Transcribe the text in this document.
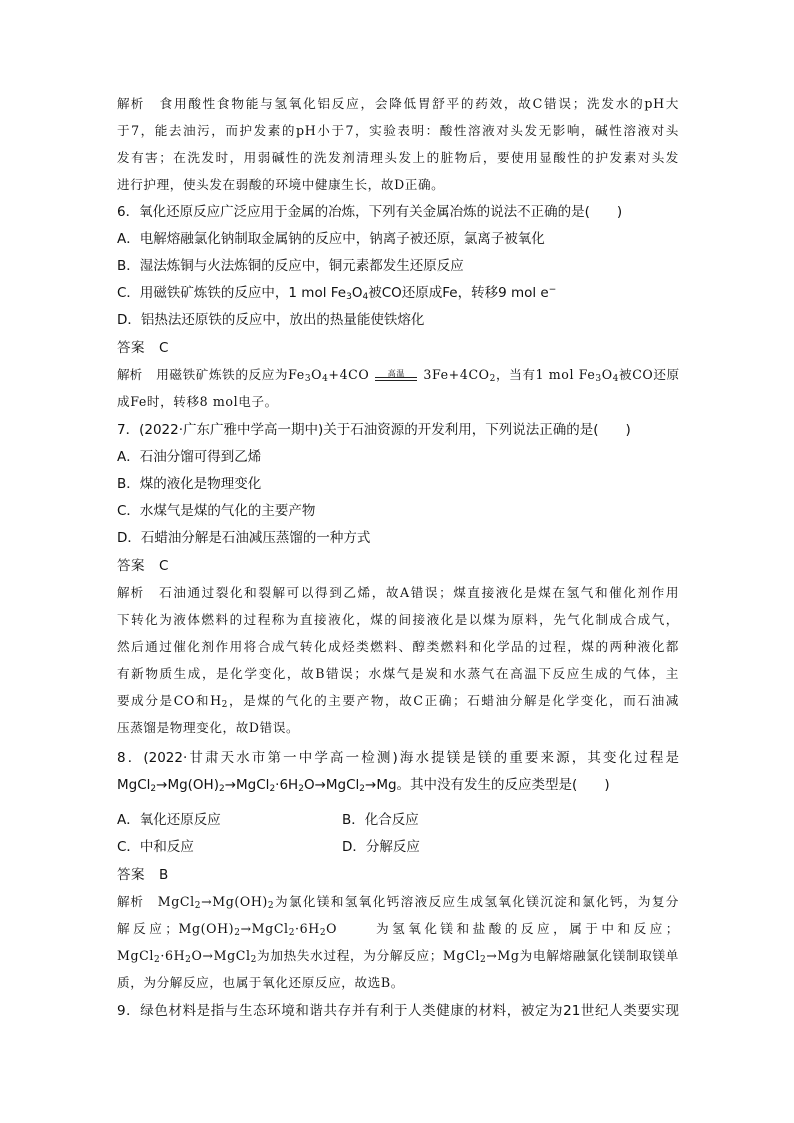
解析 食用酸性食物能与氢氧化铝反应，会降低胃舒平的药效，故C错误；洗发水的pH大
于7，能去油污，而护发素的pH小于7，实验表明：酸性溶液对头发无影响，碱性溶液对头
发有害；在洗发时，用弱碱性的洗发剂清理头发上的脏物后，要使用显酸性的护发素对头发
进行护理，使头发在弱酸的环境中健康生长，故D正确。
6．氧化还原反应广泛应用于金属的冶炼，下列有关金属冶炼的说法不正确的是(　　)
A．电解熔融氯化钠制取金属钠的反应中，钠离子被还原，氯离子被氧化
B．湿法炼铜与火法炼铜的反应中，铜元素都发生还原反应
C．用磁铁矿炼铁的反应中，1 mol $Fe_3O_4$被CO还原成Fe，转移9 mol e−
D．铝热法还原铁的反应中，放出的热量能使铁熔化
答案 C
解析 用磁铁矿炼铁的反应为$Fe_3O_4+4CO$	高温	$3Fe+4CO_2$，当有1 mol $Fe_3O_4$被CO还原
成Fe时，转移8 mol电子。
7．(2022·广东广雅中学高一期中)关于石油资源的开发利用，下列说法正确的是(　　)
A．石油分馏可得到乙烯
B．煤的液化是物理变化
C．水煤气是煤的气化的主要产物
D．石蜡油分解是石油减压蒸馏的一种方式
答案 C
解析 石油通过裂化和裂解可以得到乙烯，故A错误；煤直接液化是煤在氢气和催化剂作用
下转化为液体燃料的过程称为直接液化，煤的间接液化是以煤为原料，先气化制成合成气，
然后通过催化剂作用将合成气转化成烃类燃料、醇类燃料和化学品的过程，煤的两种液化都
有新物质生成，是化学变化，故B错误；水煤气是炭和水蒸气在高温下反应生成的气体，主
要成分是CO和$H_2$，是煤的气化的主要产物，故C正确；石蜡油分解是化学变化，而石油减
压蒸馏是物理变化，故D错误。
8．(2022·甘肃天水市第一中学高一检测)海水提镁是镁的重要来源，其变化过程是
$MgCl_2\to Mg(OH)_2\to MgCl_2\cdot 6H_2O\to MgCl_2\to Mg$。其中没有发生的反应类型是(　　)
A．氧化还原反应	B．化合反应
C．中和反应	D．分解反应
答案 B
解析 $MgCl_2\to Mg(OH)_2$为氯化镁和氢氧化钙溶液反应生成氢氧化镁沉淀和氯化钙，为复分
解反应；$Mg(OH)_2\to MgCl_2\cdot 6H_2O$	为氢氧化镁和盐酸的反应，属于中和反应；
$MgCl_2\cdot 6H_2O\to MgCl_2$为加热失水过程，为分解反应；MgCl$_2$→Mg为电解熔融氯化镁制取镁单
质，为分解反应，也属于氧化还原反应，故选B。
9．绿色材料是指与生态环境和谐共存并有利于人类健康的材料，被定为21世纪人类要实现
